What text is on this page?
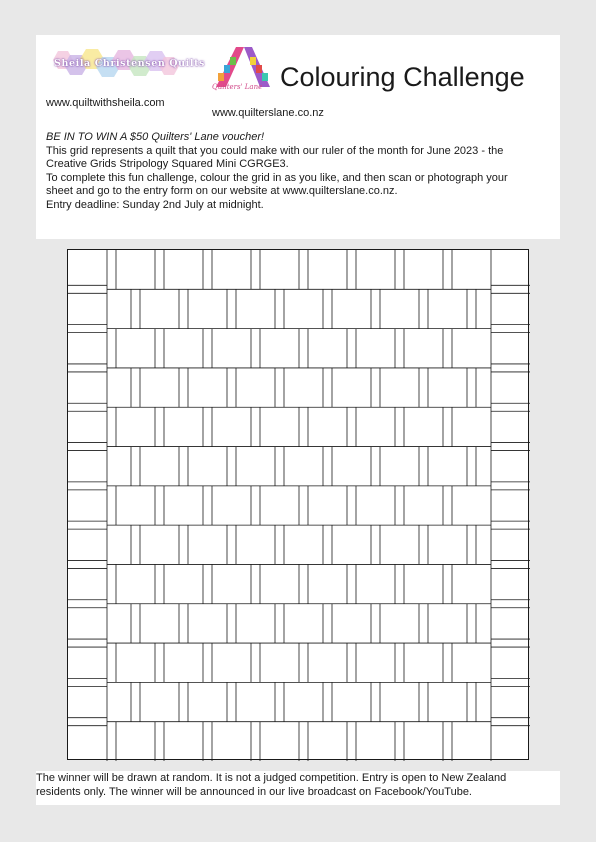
Sheila Christensen Quilts
www.quiltwithsheila.com
Quilters' Lane
www.quilterslane.co.nz
Colouring Challenge
BE IN TO WIN A $50 Quilters' Lane voucher!
This grid represents a quilt that you could make with our ruler of the month for June 2023 - the
Creative Grids Stripology Squared Mini CGRGE3.
To complete this fun challenge, colour the grid in as you like, and then scan or photograph your
sheet and go to the entry form on our website at www.quilterslane.co.nz.
Entry deadline: Sunday 2nd July at midnight.
The winner will be drawn at random. It is not a judged competition. Entry is open to New Zealand
residents only. The winner will be announced in our live broadcast on Facebook/YouTube.
